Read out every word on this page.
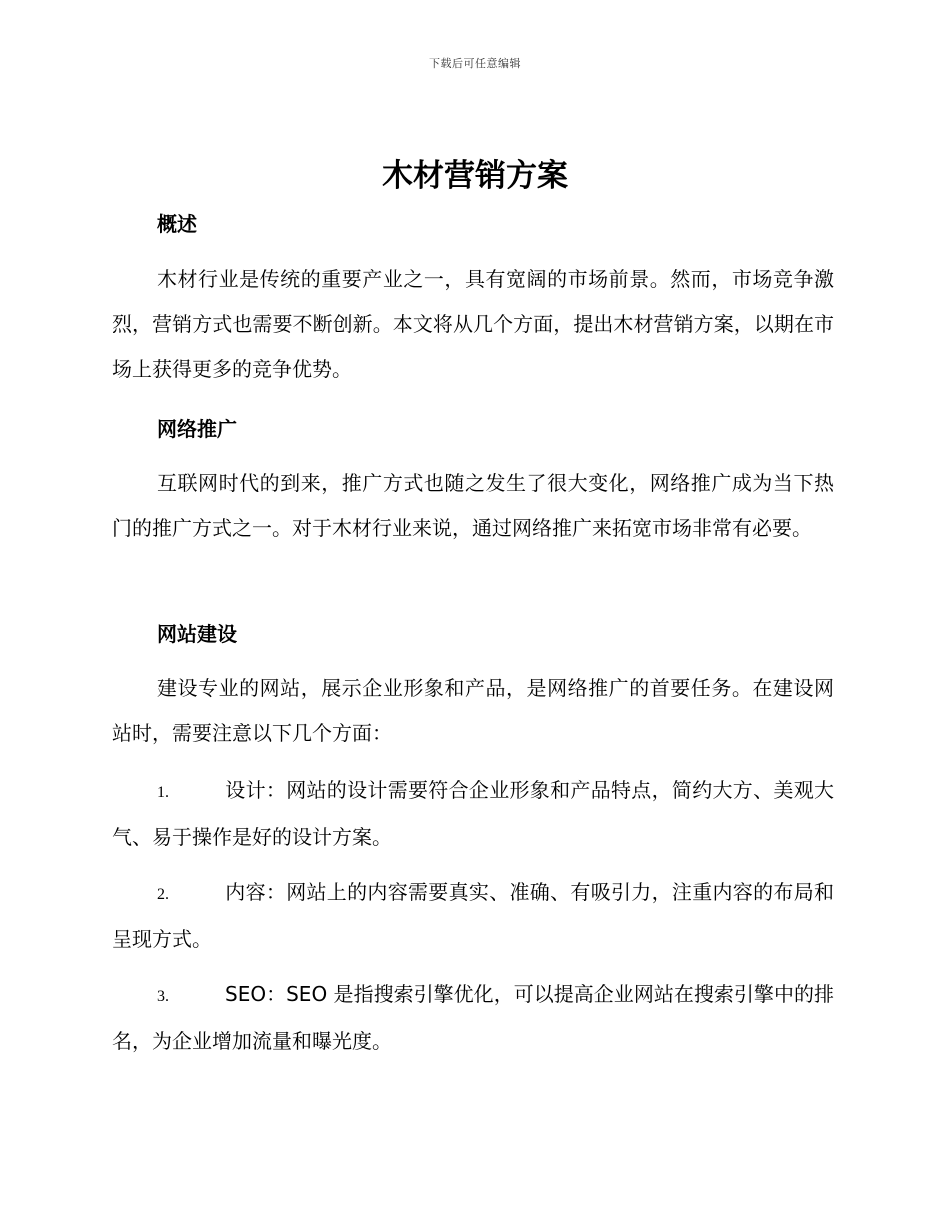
下载后可任意编辑
木材营销方案
概述
木材行业是传统的重要产业之一，具有宽阔的市场前景。然而，市场竞争激烈，营销方式也需要不断创新。本文将从几个方面，提出木材营销方案，以期在市场上获得更多的竞争优势。
网络推广
互联网时代的到来，推广方式也随之发生了很大变化，网络推广成为当下热门的推广方式之一。对于木材行业来说，通过网络推广来拓宽市场非常有必要。
网站建设
建设专业的网站，展示企业形象和产品，是网络推广的首要任务。在建设网站时，需要注意以下几个方面：
1.	设计：网站的设计需要符合企业形象和产品特点，简约大方、美观大气、易于操作是好的设计方案。
2.	内容：网站上的内容需要真实、准确、有吸引力，注重内容的布局和呈现方式。
3.	SEO：SEO 是指搜索引擎优化，可以提高企业网站在搜索引擎中的排名，为企业增加流量和曝光度。
